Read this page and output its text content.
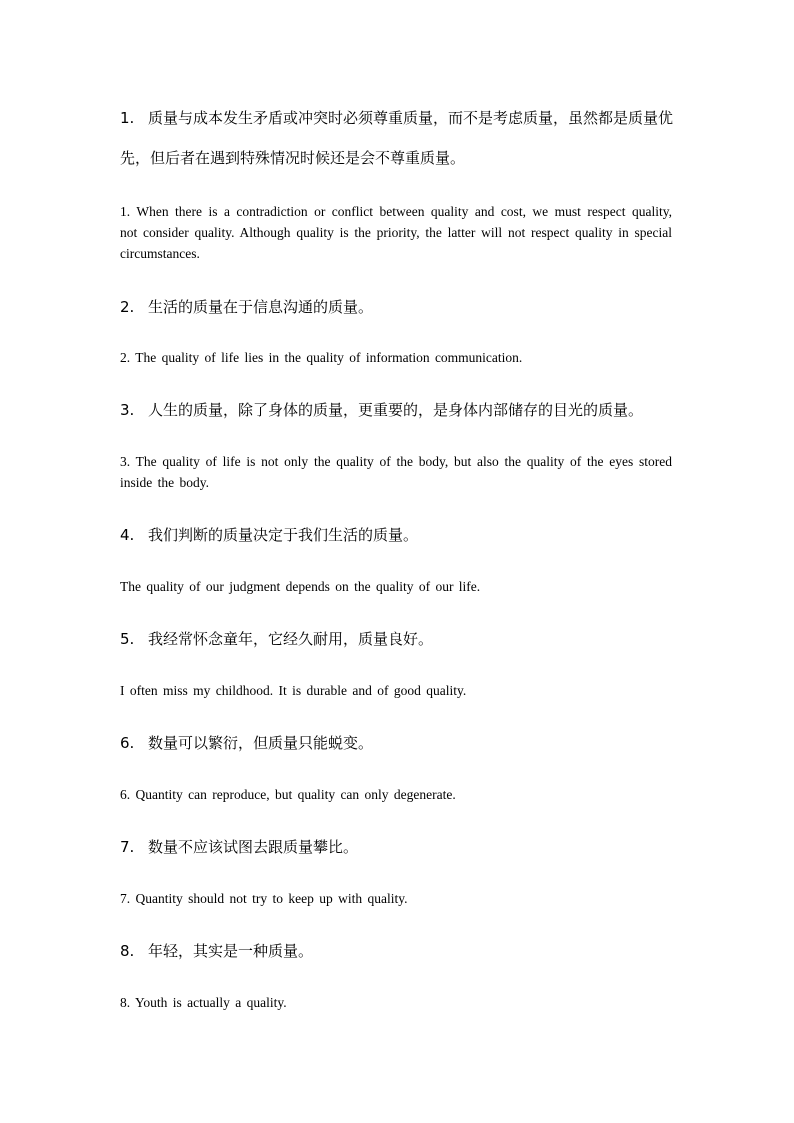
1. 质量与成本发生矛盾或冲突时必须尊重质量，而不是考虑质量，虽然都是质量优先，但后者在遇到特殊情况时候还是会不尊重质量。

1. When there is a contradiction or conflict between quality and cost, we must respect quality, not consider quality. Although quality is the priority, the latter will not respect quality in special circumstances.

2. 生活的质量在于信息沟通的质量。

2. The quality of life lies in the quality of information communication.

3. 人生的质量，除了身体的质量，更重要的，是身体内部储存的目光的质量。

3. The quality of life is not only the quality of the body, but also the quality of the eyes stored inside the body.

4. 我们判断的质量决定于我们生活的质量。

The quality of our judgment depends on the quality of our life.

5. 我经常怀念童年，它经久耐用，质量良好。

I often miss my childhood. It is durable and of good quality.

6. 数量可以繁衍，但质量只能蜕变。

6. Quantity can reproduce, but quality can only degenerate.

7. 数量不应该试图去跟质量攀比。

7. Quantity should not try to keep up with quality.

8. 年轻，其实是一种质量。

8. Youth is actually a quality.
